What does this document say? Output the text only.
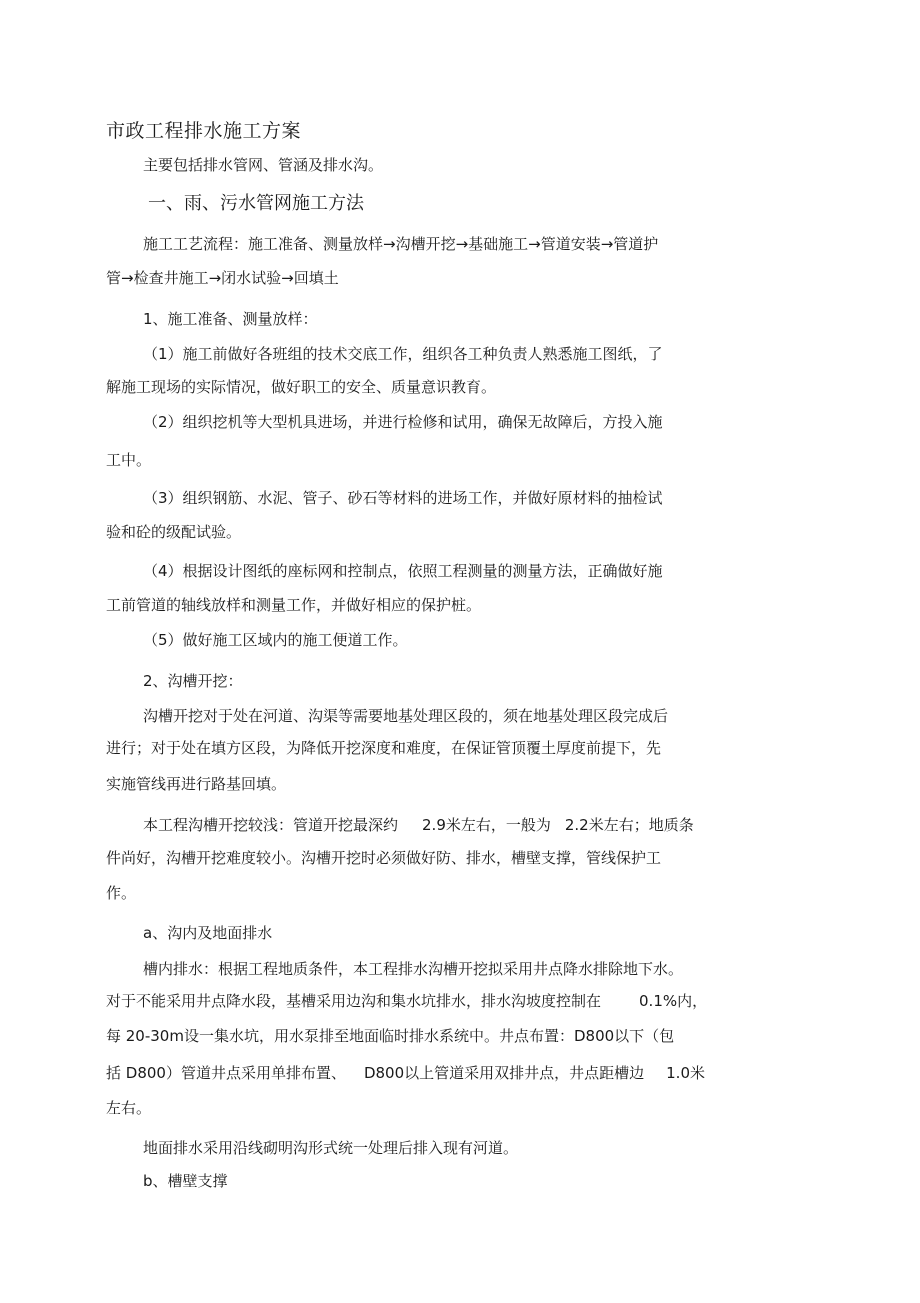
市政工程排水施工方案
主要包括排水管网、管涵及排水沟。
一、雨、污水管网施工方法
施工工艺流程：施工准备、测量放样→沟槽开挖→基础施工→管道安装→管道护
管→检查井施工→闭水试验→回填土
1、施工准备、测量放样：
（1）施工前做好各班组的技术交底工作，组织各工种负责人熟悉施工图纸，了
解施工现场的实际情况，做好职工的安全、质量意识教育。
（2）组织挖机等大型机具进场，并进行检修和试用，确保无故障后，方投入施
工中。
（3）组织钢筋、水泥、管子、砂石等材料的进场工作，并做好原材料的抽检试
验和砼的级配试验。
（4）根据设计图纸的座标网和控制点，依照工程测量的测量方法，正确做好施
工前管道的轴线放样和测量工作，并做好相应的保护桩。
（5）做好施工区域内的施工便道工作。
2、沟槽开挖：
沟槽开挖对于处在河道、沟渠等需要地基处理区段的，须在地基处理区段完成后
进行；对于处在填方区段，为降低开挖深度和难度，在保证管顶覆土厚度前提下，先
实施管线再进行路基回填。
本工程沟槽开挖较浅：管道开挖最深约 2.9米左右，一般为 2.2米左右；地质条
件尚好，沟槽开挖难度较小。沟槽开挖时必须做好防、排水，槽壁支撑，管线保护工
作。
a、沟内及地面排水
槽内排水：根据工程地质条件，本工程排水沟槽开挖拟采用井点降水排除地下水。
对于不能采用井点降水段，基槽采用边沟和集水坑排水，排水沟坡度控制在	0.1%内，
每 20-30m设一集水坑，用水泵排至地面临时排水系统中。井点布置：D800以下（包
括 D800）管道井点采用单排布置、 D800以上管道采用双排井点，井点距槽边 1.0米
左右。
地面排水采用沿线砌明沟形式统一处理后排入现有河道。
b、槽壁支撑
